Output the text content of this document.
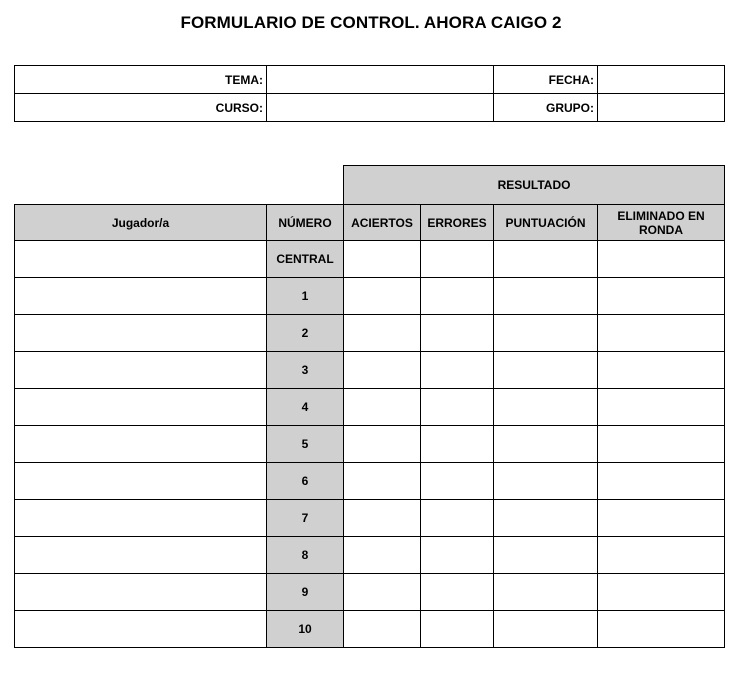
FORMULARIO DE CONTROL. AHORA CAIGO 2
TEMA:		FECHA:	
CURSO:		GRUPO:	
		RESULTADO			
Jugador/a	NÚMERO	ACIERTOS	ERRORES	PUNTUACIÓN	ELIMINADO EN RONDA
	CENTRAL				
	1				
	2				
	3				
	4				
	5				
	6				
	7				
	8				
	9				
	10				
